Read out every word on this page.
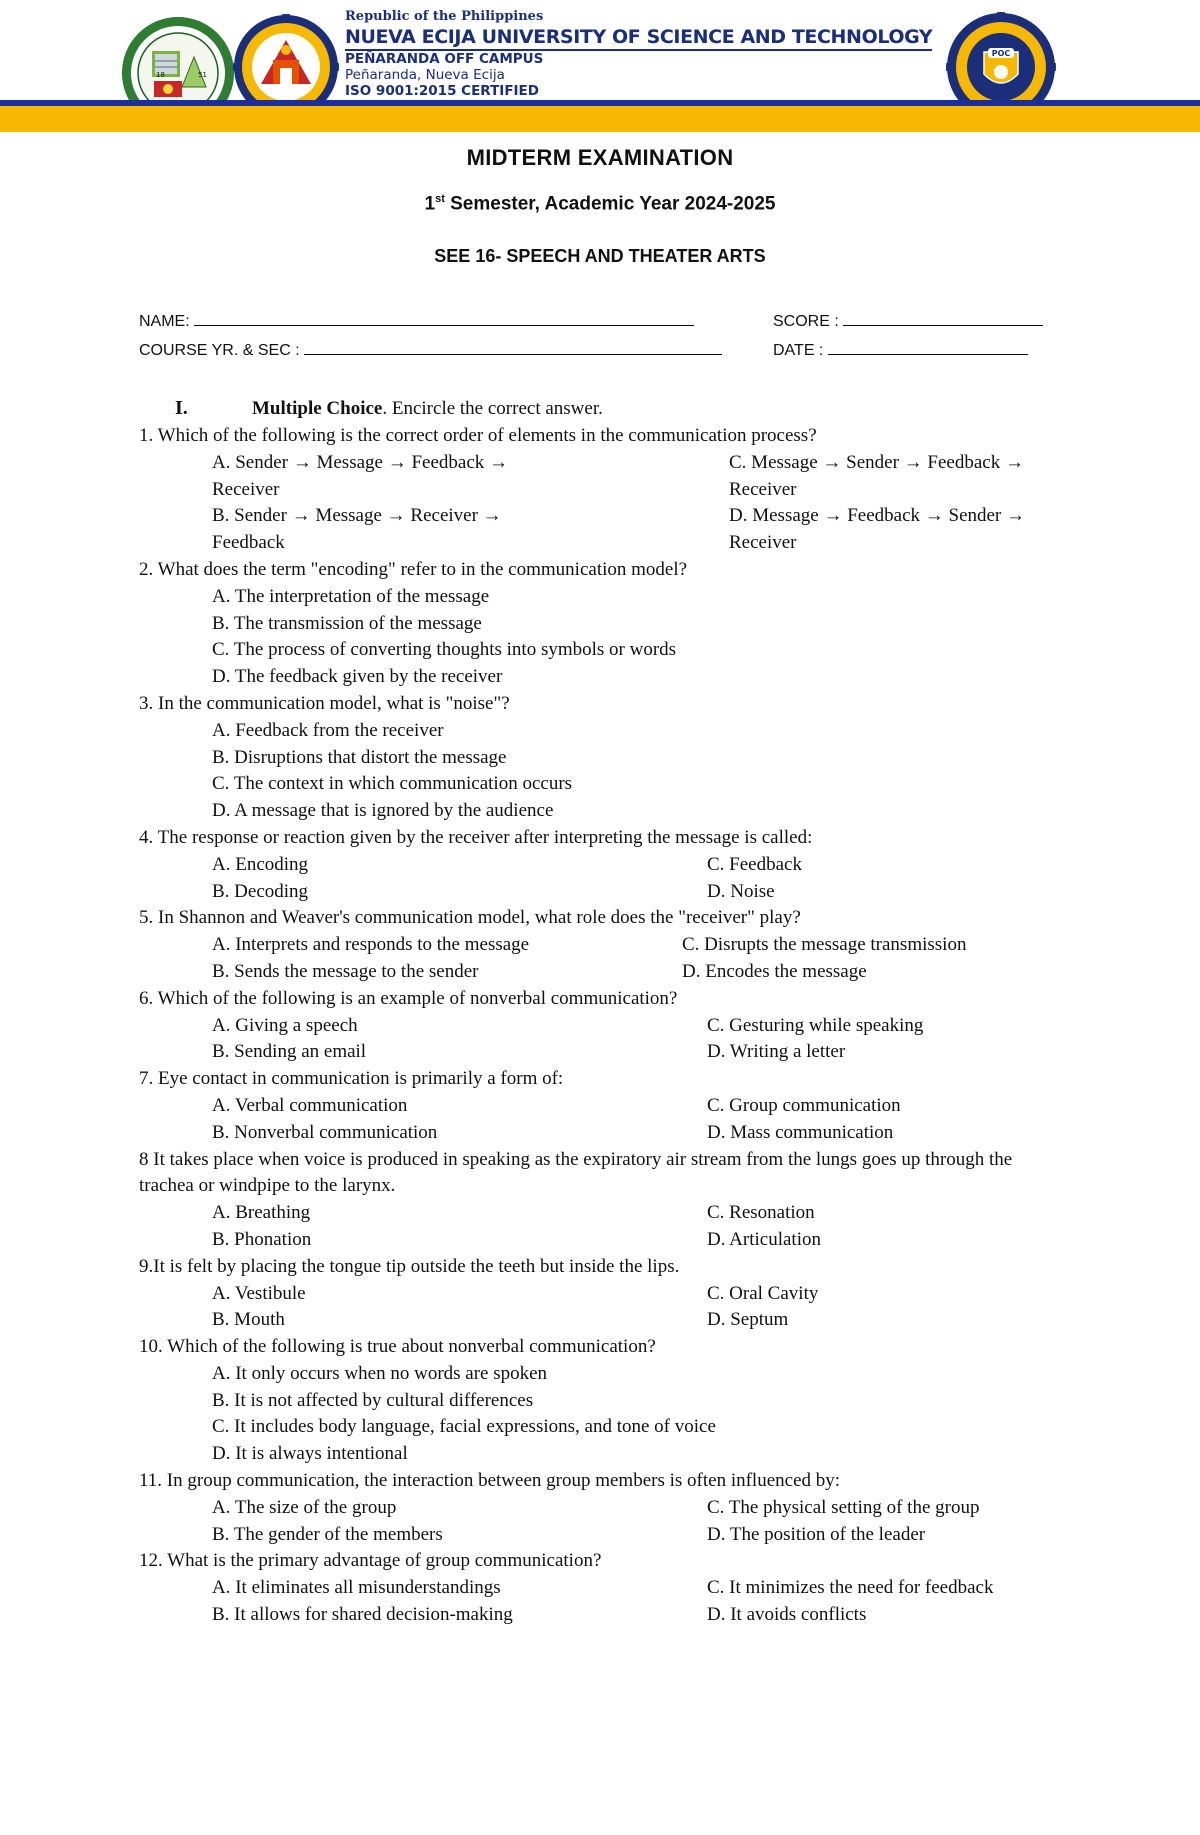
18	51
Republic of the Philippines
NUEVA ECIJA UNIVERSITY OF SCIENCE AND TECHNOLOGY
PEÑARANDA OFF CAMPUS
Peñaranda, Nueva Ecija
ISO 9001:2015 CERTIFIED
POC
MIDTERM EXAMINATION
1st Semester, Academic Year 2024-2025
SEE 16- SPEECH AND THEATER ARTS
NAME:	SCORE :
COURSE YR. & SEC :	DATE :
I.	Multiple Choice. Encircle the correct answer.
1. Which of the following is the correct order of elements in the communication process?
A. Sender → Message → Feedback → Receiver
C. Message → Sender → Feedback → Receiver
B. Sender → Message → Receiver → Feedback
D. Message → Feedback → Sender → Receiver
2. What does the term "encoding" refer to in the communication model?
A. The interpretation of the message
B. The transmission of the message
C. The process of converting thoughts into symbols or words
D. The feedback given by the receiver
3. In the communication model, what is "noise"?
A. Feedback from the receiver
B. Disruptions that distort the message
C. The context in which communication occurs
D. A message that is ignored by the audience
4. The response or reaction given by the receiver after interpreting the message is called:
A. Encoding	C. Feedback
B. Decoding	D. Noise
5. In Shannon and Weaver's communication model, what role does the "receiver" play?
A. Interprets and responds to the message	C. Disrupts the message transmission
B. Sends the message to the sender	D. Encodes the message
6. Which of the following is an example of nonverbal communication?
A. Giving a speech	C. Gesturing while speaking
B. Sending an email	D. Writing a letter
7. Eye contact in communication is primarily a form of:
A. Verbal communication	C. Group communication
B. Nonverbal communication	D. Mass communication
8 It takes place when voice is produced in speaking as the expiratory air stream from the lungs goes up through the trachea or windpipe to the larynx.
A. Breathing	C. Resonation
B. Phonation	D. Articulation
9.It is felt by placing the tongue tip outside the teeth but inside the lips.
A. Vestibule	C. Oral Cavity
B. Mouth	D. Septum
10. Which of the following is true about nonverbal communication?
A. It only occurs when no words are spoken
B. It is not affected by cultural differences
C. It includes body language, facial expressions, and tone of voice
D. It is always intentional
11. In group communication, the interaction between group members is often influenced by:
A. The size of the group	C. The physical setting of the group
B. The gender of the members	D. The position of the leader
12. What is the primary advantage of group communication?
A. It eliminates all misunderstandings	C. It minimizes the need for feedback
B. It allows for shared decision-making	D. It avoids conflicts
